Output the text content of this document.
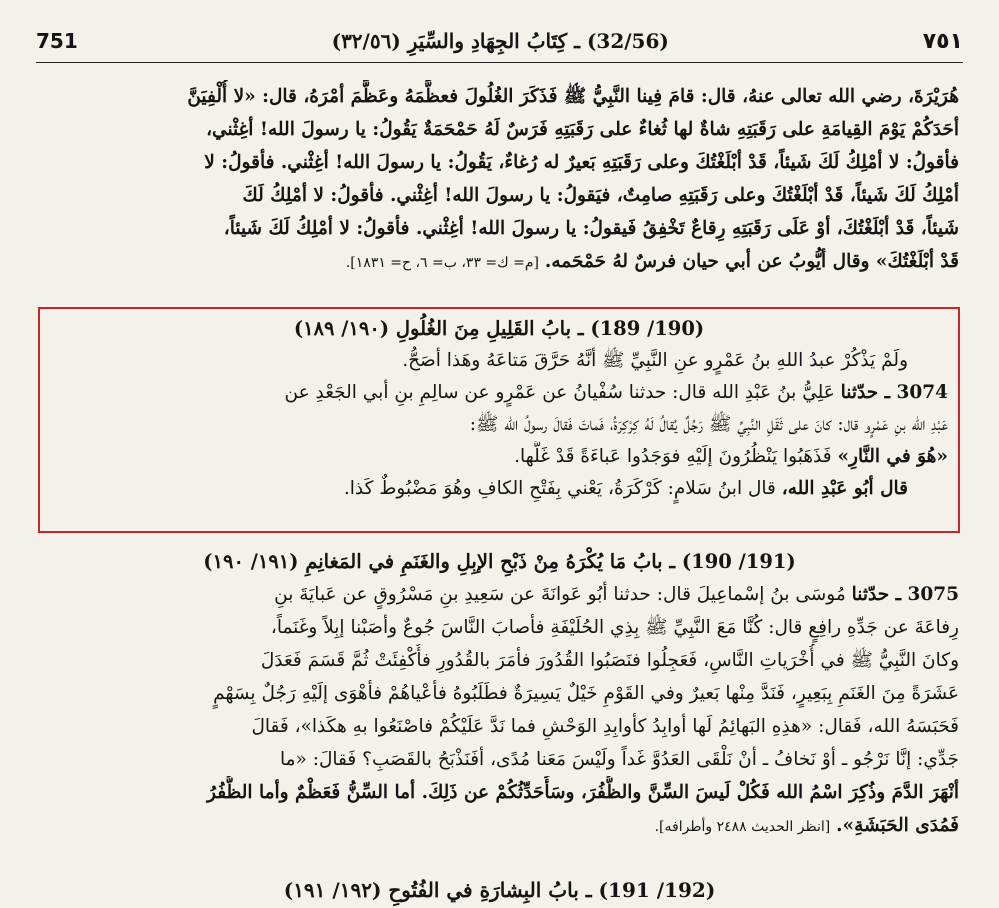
751	(32/56) ـ كِتَابُ الجِهَادِ والسِّيَرِ (٣٢/٥٦)	٧٥١
هُرَيْرَةَ، رضي الله تعالى عنهُ، قال: قامَ فِينا النَّبِيُّ ﷺ فَذَكَرَ الغُلُولَ فعظَّمَهُ وعَظَّمَ أمْرَهُ، قال: «لا أُلْفِيَنَّ
أحَدَكُمْ يَوْمَ القِيامَةِ على رَقَبَتِهِ شاةٌ لها ثُغاءٌ على رَقَبَتِهِ فَرَسٌ لَهُ حَمْحَمَةٌ يَقُولُ: يا رسولَ الله! أغِثْني،
فأقولُ: لا أمْلِكُ لَكَ شَيئاً، قَدْ أبْلَغْتُكَ وعلى رَقَبَتِهِ بَعيرٌ له رُغاءٌ، يَقُولُ: يا رسولَ الله! أغِثْني. فأقولُ: لا
أمْلِكُ لَكَ شَيئاً، قَدْ أبْلَغْتُكَ وعلى رَقَبَتِهِ صامِتٌ، فيَقولُ: يا رسولَ الله! أغِثْني. فأقولُ: لا أمْلِكُ لَكَ
شَيئاً، قَدْ أبْلَغْتُكَ، أوْ عَلَى رَقَبَتِهِ رِقاعٌ تَخْفِقُ فَيقولُ: يا رسولَ الله! أغِثْني. فأقولُ: لا أمْلِكُ لَكَ شَيئاً،
قَدْ أبْلَغْتُكَ» وقال أيُّوبُ عن أبي حيان فرسٌ لهُ حَمْحَمه. [م= ك= ٣٣، ب= ٦، ح= ١٨٣١].
(190/ 189) ـ بابُ القَلِيلِ مِنَ الغُلُولِ (١٩٠/ ١٨٩)
ولَمْ يَذْكُرْ عبدُ اللهِ بنُ عَمْرٍو عنِ النَّبِيِّ ﷺ أنَّهُ حَرَّقَ مَتاعَهُ وهَذا أصَحُّ.
3074 ـ حدّثنا عَلِيُّ بنُ عَبْدِ الله قال: حدثنا سُفْيانُ عن عَمْرٍو عن سالِمِ بنِ أبي الجَعْدِ عن
عَبْدِ الله بنِ عَمْرٍو قال: كانَ على ثَقَلِ النَّبِيِّ ﷺ رَجُلٌ يُقالُ لَهُ كِرْكِرَةُ، فَماتَ فَقالَ رسولُ الله ﷺ:
«هُوَ في النَّارِ» فَذَهَبُوا يَنْظُرُونَ إلَيْهِ فوَجَدُوا عَباءَةً قَدْ غَلَّها.
قال أبُو عَبْدِ الله، قال ابنُ سَلامٍ: كَرْكَرَةُ، يَعْني بِفَتْحِ الكافِ وهُوَ مَضْبُوطٌ كَذا.
(191/ 190) ـ بابُ مَا يُكْرَهُ مِنْ ذَبْحِ الإبِلِ والغَنَمِ في المَغانِمِ (١٩١/ ١٩٠)
3075 ـ حدّثنا مُوسَى بنُ إسْماعِيلَ قال: حدثنا أبُو عَوانَةَ عن سَعِيدِ بنِ مَسْرُوقٍ عن عَبايَةَ بنِ
رِفاعَةَ عن جَدِّهِ رافِعٍ قال: كُنَّا مَعَ النَّبِيِّ ﷺ بِذِي الحُلَيْفَةِ فأصابَ النَّاسَ جُوعٌ وأصَبْنا إبِلاً وغَنَماً،
وكانَ النَّبِيُّ ﷺ في أُخْرَياتِ النَّاسِ، فَعَجِلُوا فنَصَبُوا القُدُورَ فأمَرَ بالقُدُورِ فأُكْفِئَتْ ثُمَّ قَسَمَ فَعَدَلَ
عَشَرَةً مِنَ الغَنَمِ بِبَعِيرٍ، فَنَدَّ مِنْها بَعيرٌ وفي القَوْمِ خَيْلٌ يَسِيرَةٌ فطَلَبُوهُ فأعْياهُمْ فأهْوَى إلَيْهِ رَجُلٌ بِسَهْمٍ
فَحَبَسَهُ الله، فَقال: «هذِهِ البَهائِمُ لَها أوابِدُ كأوابِدِ الوَحْشِ فما نَدَّ عَلَيْكُمْ فاصْنَعُوا بهِ هكَذا»، فَقالَ
جَدِّي: إنَّا نَرْجُو ـ أوْ نَخافُ ـ أنْ نَلْقَى العَدُوَّ غَداً ولَيْسَ مَعَنا مُدًى، أفَنَذْبَحُ بالقَصَبِ؟ فَقالَ: «ما
أنْهَرَ الدَّمَ وذُكِرَ اسْمُ الله فَكُلْ لَيسَ السِّنَّ والظُّفُرَ، وسَأُحَدِّثُكُمْ عن ذَلِكَ. أما السِّنُّ فَعَظْمٌ وأما الظُّفُرُ
فَمُدَى الحَبَشَةِ». [انظر الحديث ٢٤٨٨ وأطرافه].
(192/ 191) ـ بابُ البِشارَةِ في الفُتُوحِ (١٩٢/ ١٩١)
